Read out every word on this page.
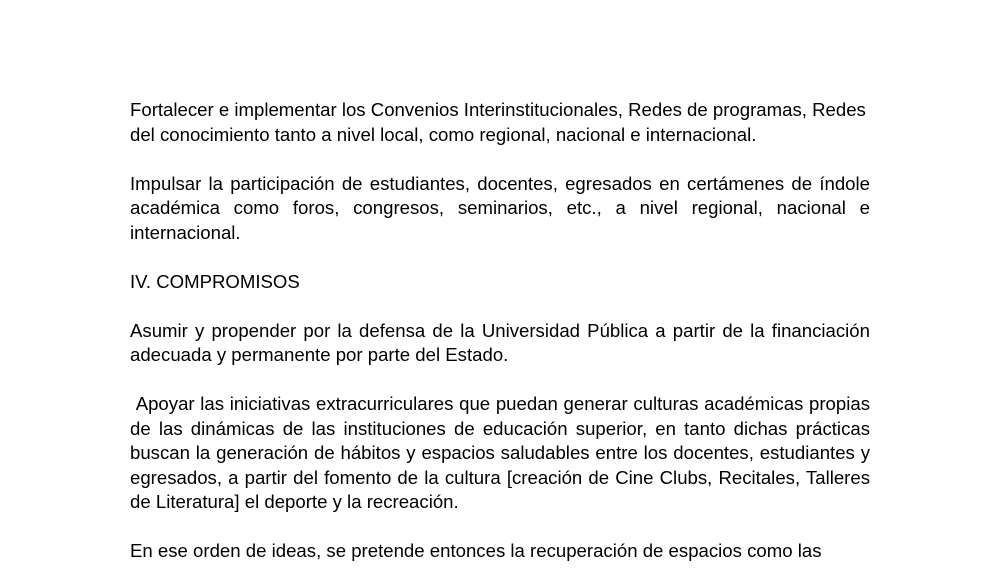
Fortalecer e implementar los Convenios Interinstitucionales, Redes de programas, Redes del conocimiento tanto a nivel local, como regional, nacional e internacional.

Impulsar la participación de estudiantes, docentes, egresados en certámenes de índole académica como foros, congresos, seminarios, etc., a nivel regional, nacional e internacional.

IV. COMPROMISOS

Asumir y propender por la defensa de la Universidad Pública a partir de la financiación adecuada y permanente por parte del Estado.

Apoyar las iniciativas extracurriculares que puedan generar culturas académicas propias de las dinámicas de las instituciones de educación superior, en tanto dichas prácticas buscan la generación de hábitos y espacios saludables entre los docentes, estudiantes y egresados, a partir del fomento de la cultura [creación de Cine Clubs, Recitales, Talleres de Literatura] el deporte y la recreación.

En ese orden de ideas, se pretende entonces la recuperación de espacios como las
